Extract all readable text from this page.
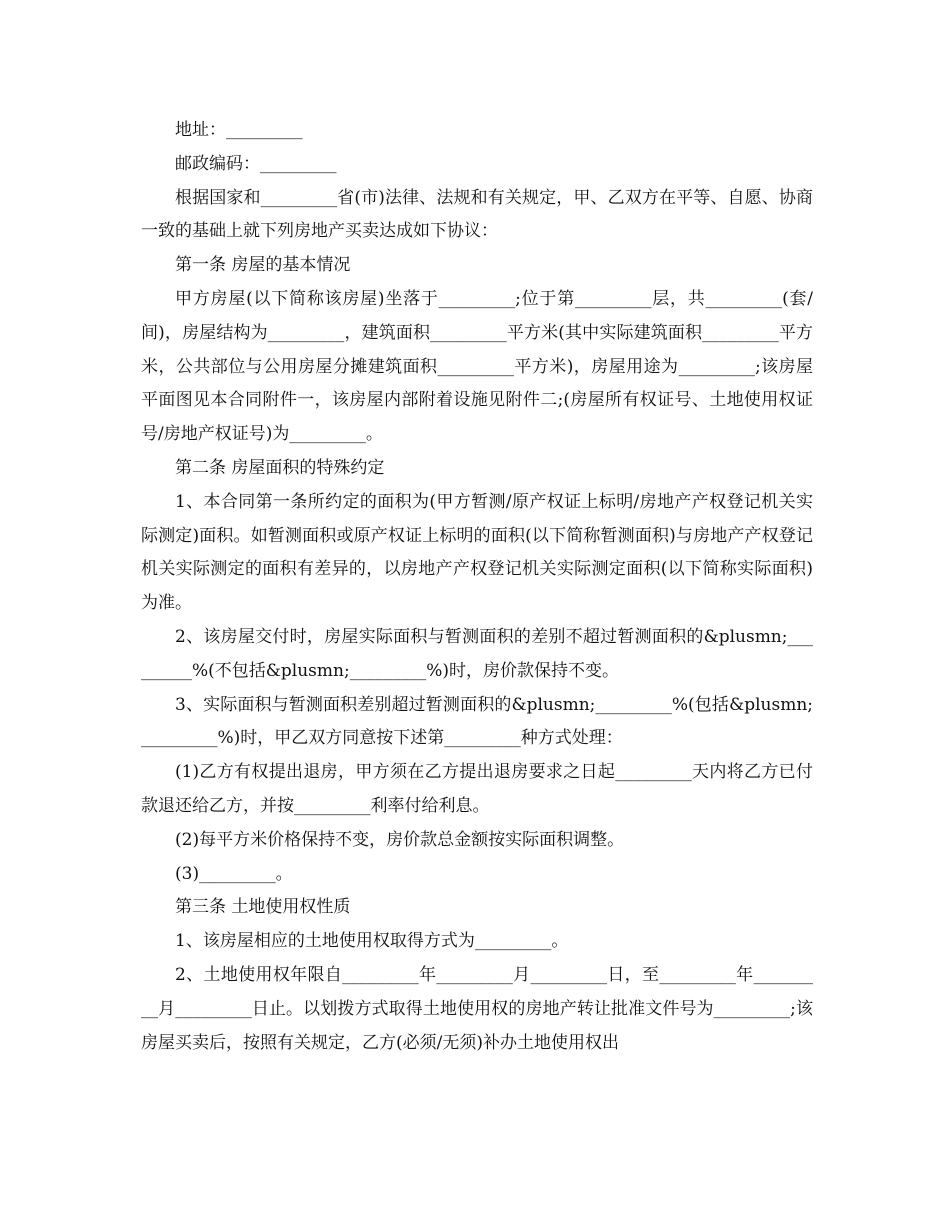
地址：_________

邮政编码：_________

根据国家和_________省(市)法律、法规和有关规定，甲、乙双方在平等、自愿、协商一致的基础上就下列房地产买卖达成如下协议：

第一条 房屋的基本情况

甲方房屋(以下简称该房屋)坐落于_________;位于第_________层，共_________(套/间)，房屋结构为_________，建筑面积_________平方米(其中实际建筑面积_________平方米，公共部位与公用房屋分摊建筑面积_________平方米)，房屋用途为_________;该房屋平面图见本合同附件一，该房屋内部附着设施见附件二;(房屋所有权证号、土地使用权证号/房地产权证号)为_________。

第二条 房屋面积的特殊约定

1、本合同第一条所约定的面积为(甲方暂测/原产权证上标明/房地产产权登记机关实际测定)面积。如暂测面积或原产权证上标明的面积(以下简称暂测面积)与房地产产权登记机关实际测定的面积有差异的，以房地产产权登记机关实际测定面积(以下简称实际面积)为准。

2、该房屋交付时，房屋实际面积与暂测面积的差别不超过暂测面积的&plusmn;_________%(不包括&plusmn;_________%)时，房价款保持不变。

3、实际面积与暂测面积差别超过暂测面积的&plusmn;_________%(包括&plusmn;_________%)时，甲乙双方同意按下述第_________种方式处理：

(1)乙方有权提出退房，甲方须在乙方提出退房要求之日起_________天内将乙方已付款退还给乙方，并按_________利率付给利息。

(2)每平方米价格保持不变，房价款总金额按实际面积调整。

(3)_________。

第三条 土地使用权性质

1、该房屋相应的土地使用权取得方式为_________。

2、土地使用权年限自_________年_________月_________日，至_________年_________月_________日止。以划拨方式取得土地使用权的房地产转让批准文件号为_________;该房屋买卖后，按照有关规定，乙方(必须/无须)补办土地使用权出
